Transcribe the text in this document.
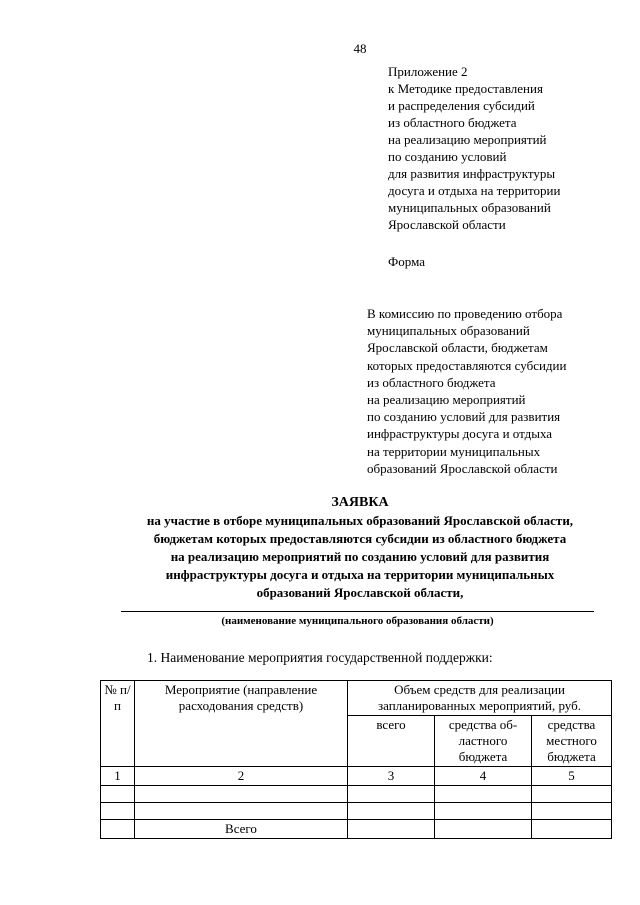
48
Приложение 2
к Методике предоставления
и распределения субсидий
из областного бюджета
на реализацию мероприятий
по созданию условий
для развития инфраструктуры
досуга и отдыха на территории
муниципальных образований
Ярославской области
Форма
В комиссию по проведению отбора
муниципальных образований
Ярославской области, бюджетам
которых предоставляются субсидии
из областного бюджета
на реализацию мероприятий
по созданию условий для развития
инфраструктуры досуга и отдыха
на территории муниципальных
образований Ярославской области
ЗАЯВКА
на участие в отборе муниципальных образований Ярославской области,
бюджетам которых предоставляются субсидии из областного бюджета
на реализацию мероприятий по созданию условий для развития
инфраструктуры досуга и отдыха на территории муниципальных
образований Ярославской области,
(наименование муниципального образования области)
1. Наименование мероприятия государственной поддержки:
№ п/п	Мероприятие (направление расходования средств)	Объем средств для реализации запланированных мероприятий, руб.		
		всего	средства об-ластного бюджета	средства местного бюджета
1	2	3	4	5

	Всего			
